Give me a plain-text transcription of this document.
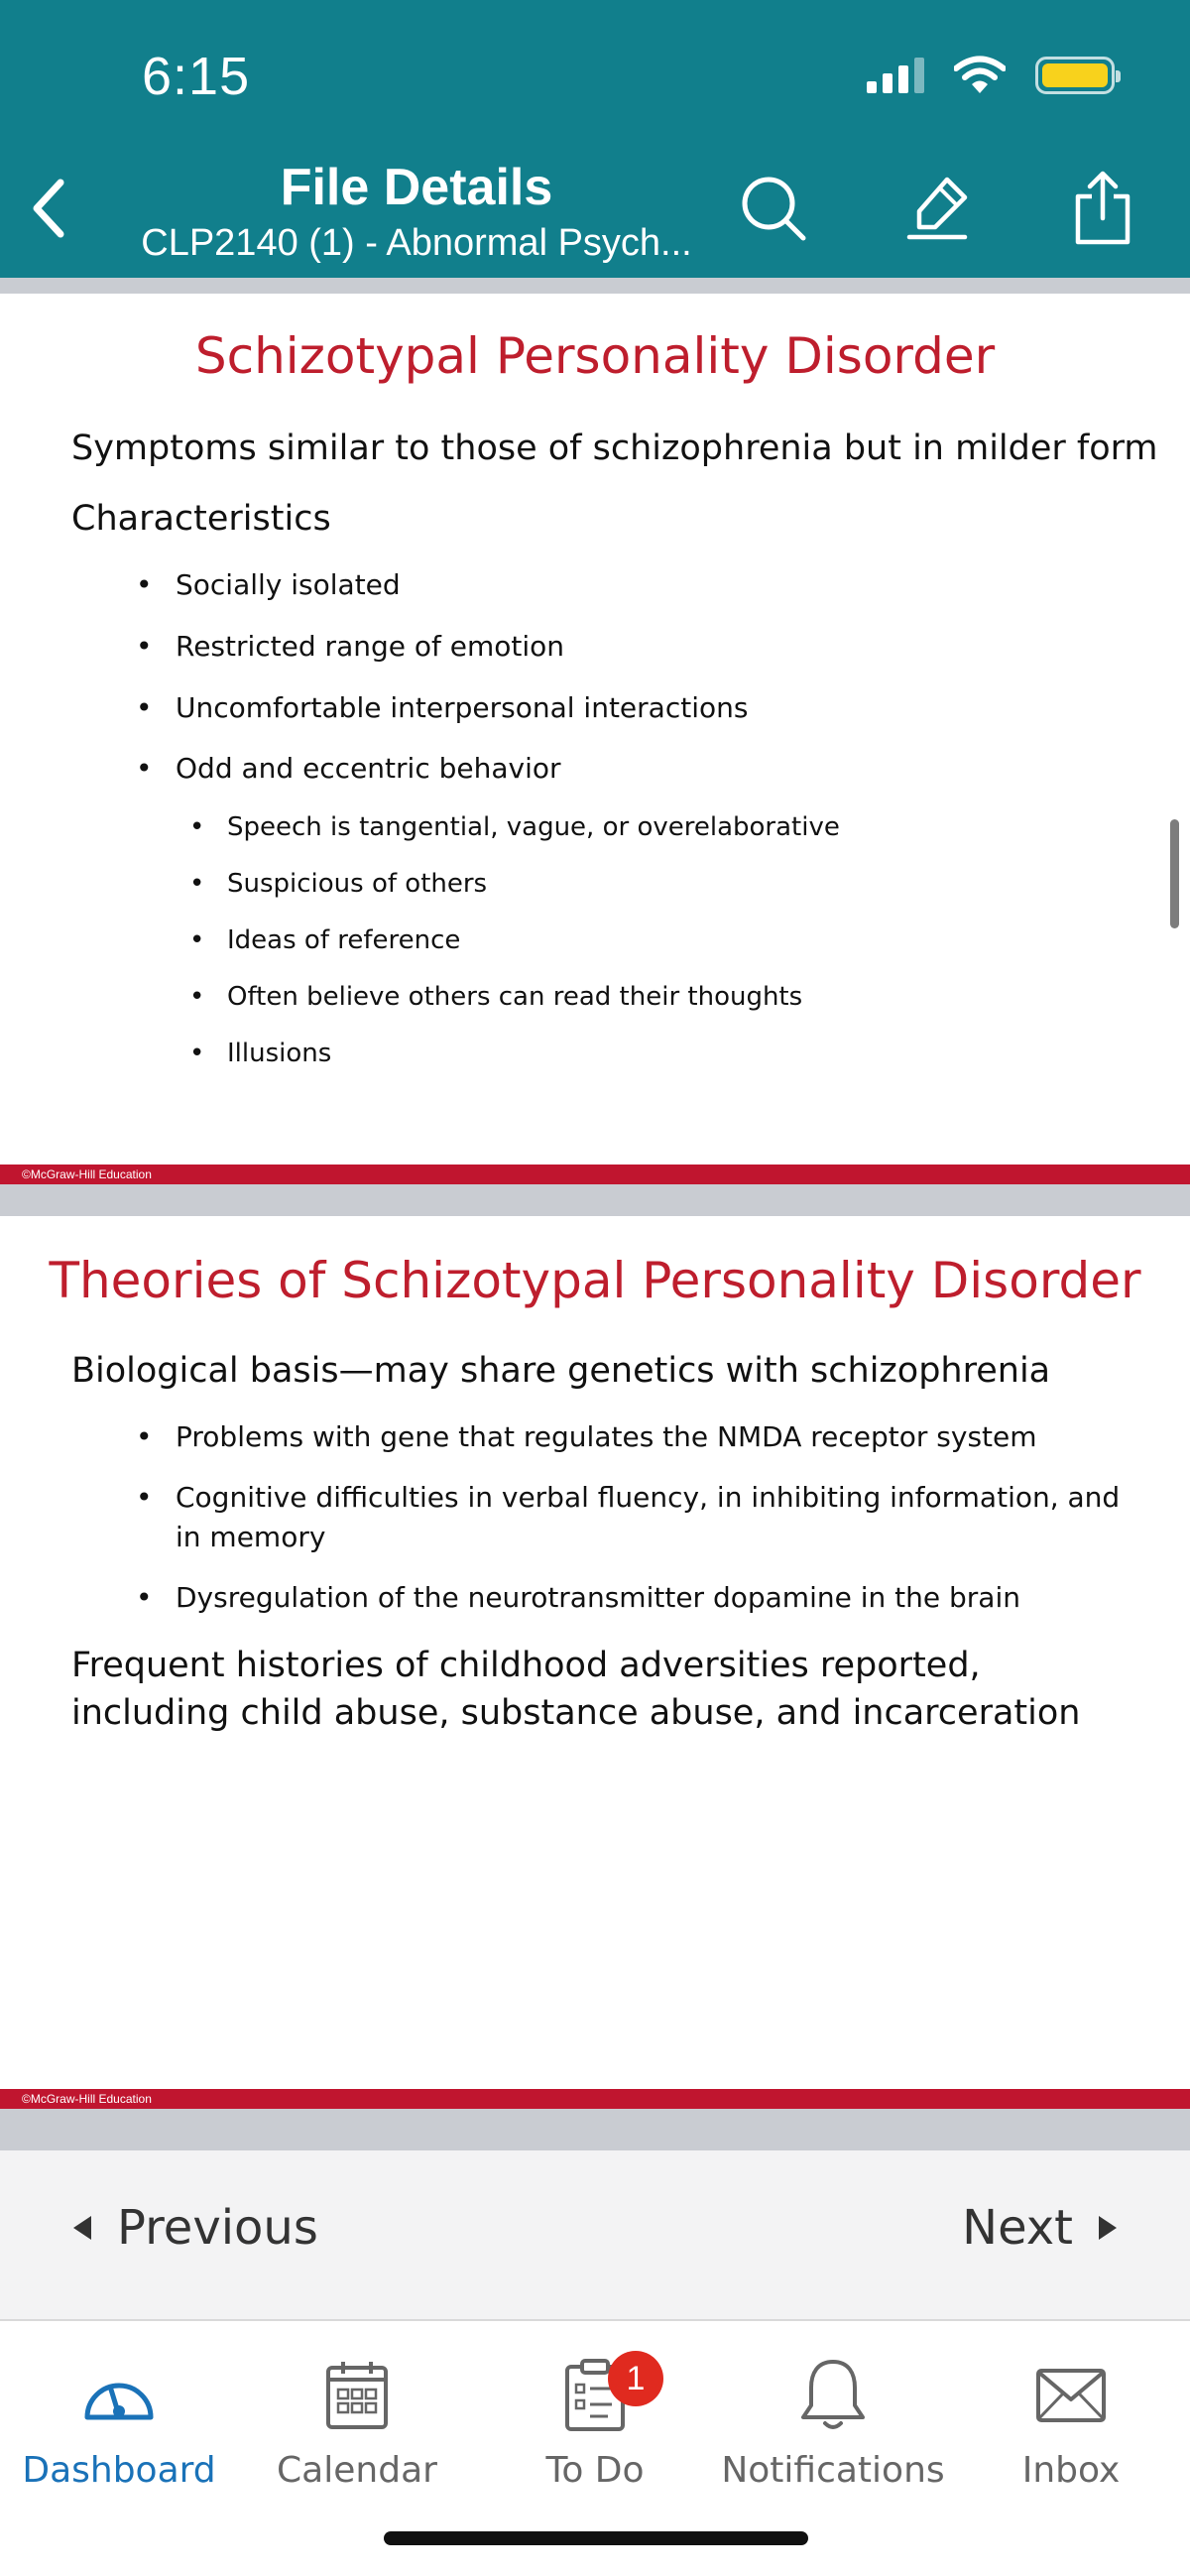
6:15
File Details
CLP2140 (1) - Abnormal Psych...
Schizotypal Personality Disorder
Symptoms similar to those of schizophrenia but in milder form
Characteristics
• Socially isolated
• Restricted range of emotion
• Uncomfortable interpersonal interactions
• Odd and eccentric behavior
• Speech is tangential, vague, or overelaborative
• Suspicious of others
• Ideas of reference
• Often believe others can read their thoughts
• Illusions
©McGraw-Hill Education
Theories of Schizotypal Personality Disorder
Biological basis—may share genetics with schizophrenia
• Problems with gene that regulates the NMDA receptor system
• Cognitive difficulties in verbal fluency, in inhibiting information, and in memory
• Dysregulation of the neurotransmitter dopamine in the brain
Frequent histories of childhood adversities reported, including child abuse, substance abuse, and incarceration
©McGraw-Hill Education
Previous	Next
Dashboard	Calendar
1
To Do	Notifications	Inbox
